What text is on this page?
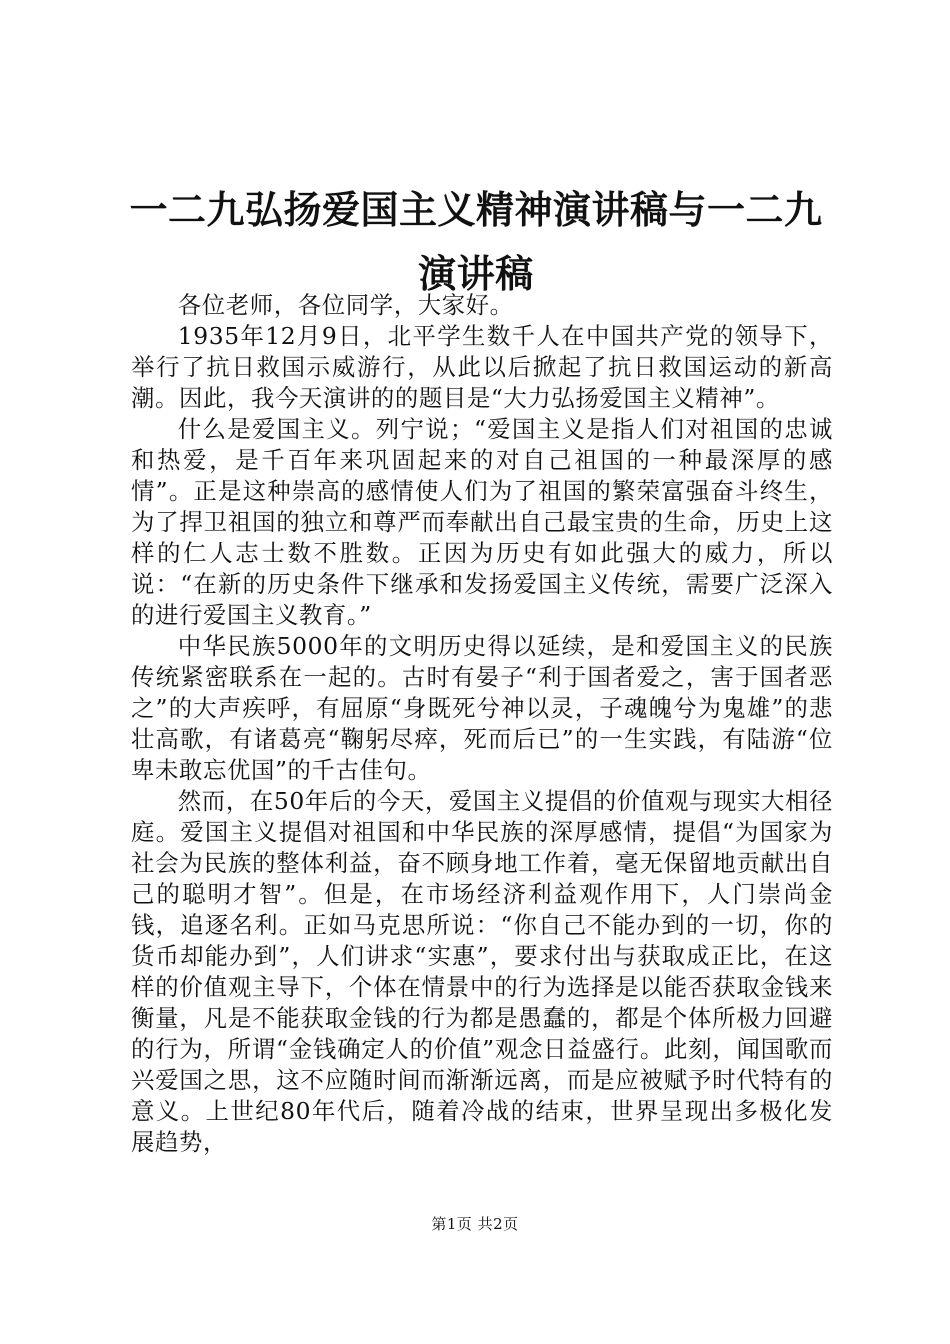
一二九弘扬爱国主义精神演讲稿与一二九演讲稿

各位老师，各位同学，大家好。

1935年12月9日，北平学生数千人在中国共产党的领导下，举行了抗日救国示威游行，从此以后掀起了抗日救国运动的新高潮。因此，我今天演讲的的题目是“大力弘扬爱国主义精神”。

什么是爱国主义。列宁说；“爱国主义是指人们对祖国的忠诚和热爱，是千百年来巩固起来的对自己祖国的一种最深厚的感情”。正是这种崇高的感情使人们为了祖国的繁荣富强奋斗终生，为了捍卫祖国的独立和尊严而奉献出自己最宝贵的生命，历史上这样的仁人志士数不胜数。正因为历史有如此强大的威力，所以说：“在新的历史条件下继承和发扬爱国主义传统，需要广泛深入的进行爱国主义教育。”

中华民族5000年的文明历史得以延续，是和爱国主义的民族传统紧密联系在一起的。古时有晏子“利于国者爱之，害于国者恶之”的大声疾呼，有屈原“身既死兮神以灵，子魂魄兮为鬼雄”的悲壮高歌，有诸葛亮“鞠躬尽瘁，死而后已”的一生实践，有陆游“位卑未敢忘优国”的千古佳句。

然而，在50年后的今天，爱国主义提倡的价值观与现实大相径庭。爱国主义提倡对祖国和中华民族的深厚感情，提倡“为国家为社会为民族的整体利益，奋不顾身地工作着，毫无保留地贡献出自己的聪明才智”。但是，在市场经济利益观作用下，人门崇尚金钱，追逐名利。正如马克思所说：“你自己不能办到的一切，你的货币却能办到”，人们讲求“实惠”，要求付出与获取成正比，在这样的价值观主导下，个体在情景中的行为选择是以能否获取金钱来衡量，凡是不能获取金钱的行为都是愚蠢的，都是个体所极力回避的行为，所谓“金钱确定人的价值”观念日益盛行。此刻，闻国歌而兴爱国之思，这不应随时间而渐渐远离，而是应被赋予时代特有的意义。上世纪80年代后，随着冷战的结束，世界呈现出多极化发展趋势，

第1页 共2页
